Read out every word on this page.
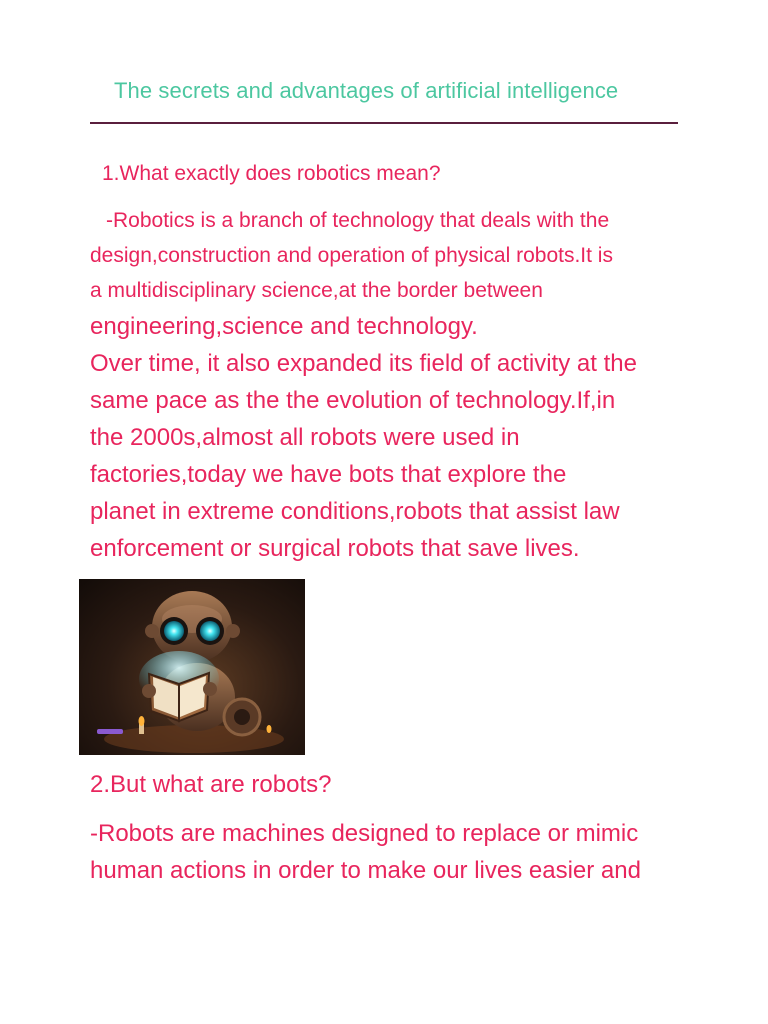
The secrets and advantages of artificial intelligence
1.What exactly does robotics mean?
-Robotics is a branch of technology that deals with the
design,construction and operation of physical robots.It is
a multidisciplinary science,at the border between
engineering,science and technology.
Over time, it also expanded its field of activity at the
same pace as the the evolution of technology.If,in
the 2000s,almost all robots were used in
factories,today we have bots that explore the
planet in extreme conditions,robots that assist law
enforcement or surgical robots that save lives.
2.But what are robots?
-Robots are machines designed to replace or mimic
human actions in order to make our lives easier and
